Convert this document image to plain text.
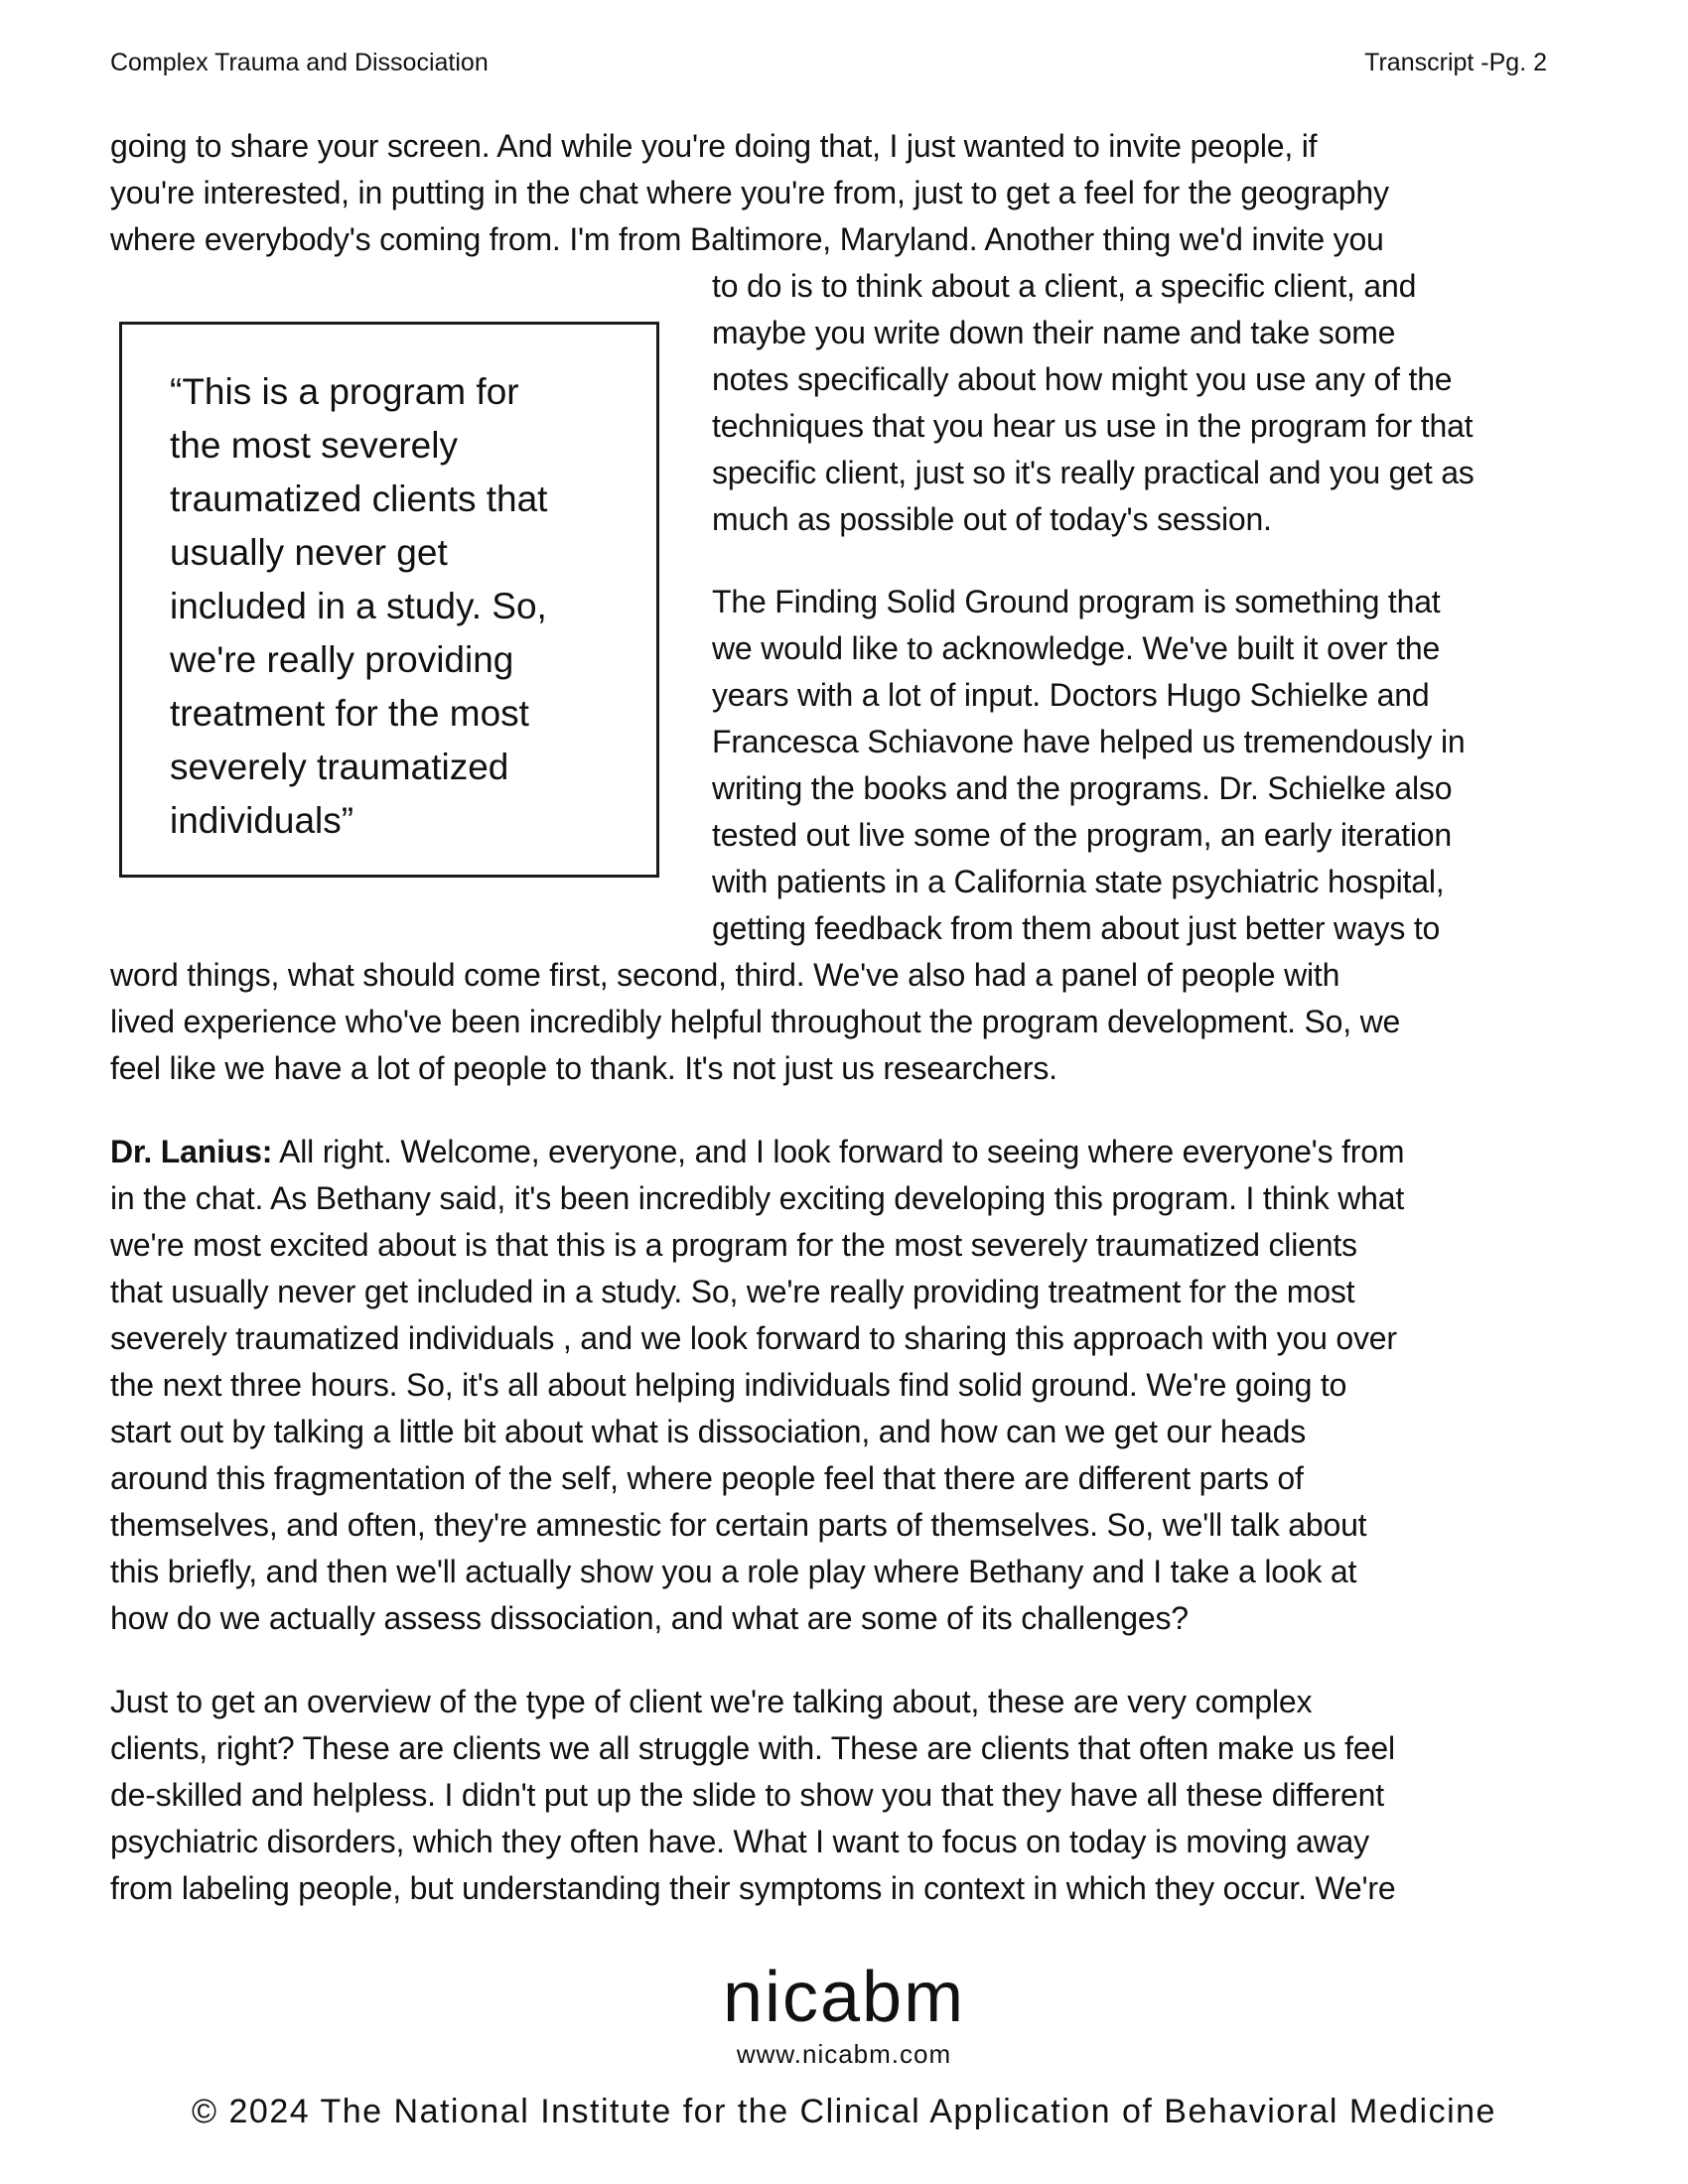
Complex Trauma and Dissociation	Transcript -Pg. 2
going to share your screen. And while you're doing that, I just wanted to invite people, if
you're interested, in putting in the chat where you're from, just to get a feel for the geography
where everybody's coming from. I'm from Baltimore, Maryland. Another thing we'd invite you
to do is to think about a client, a specific client, and
maybe you write down their name and take some
notes specifically about how might you use any of the
techniques that you hear us use in the program for that
specific client, just so it's really practical and you get as
much as possible out of today's session.
“This is a program for
the most severely
traumatized clients that
usually never get
included in a study. So,
we're really providing
treatment for the most
severely traumatized
individuals”
The Finding Solid Ground program is something that
we would like to acknowledge. We've built it over the
years with a lot of input. Doctors Hugo Schielke and
Francesca Schiavone have helped us tremendously in
writing the books and the programs. Dr. Schielke also
tested out live some of the program, an early iteration
with patients in a California state psychiatric hospital,
getting feedback from them about just better ways to
word things, what should come first, second, third. We've also had a panel of people with
lived experience who've been incredibly helpful throughout the program development. So, we
feel like we have a lot of people to thank. It's not just us researchers.
Dr. Lanius: All right. Welcome, everyone, and I look forward to seeing where everyone's from
in the chat. As Bethany said, it's been incredibly exciting developing this program. I think what
we're most excited about is that this is a program for the most severely traumatized clients
that usually never get included in a study. So, we're really providing treatment for the most
severely traumatized individuals , and we look forward to sharing this approach with you over
the next three hours. So, it's all about helping individuals find solid ground. We're going to
start out by talking a little bit about what is dissociation, and how can we get our heads
around this fragmentation of the self, where people feel that there are different parts of
themselves, and often, they're amnestic for certain parts of themselves. So, we'll talk about
this briefly, and then we'll actually show you a role play where Bethany and I take a look at
how do we actually assess dissociation, and what are some of its challenges?
Just to get an overview of the type of client we're talking about, these are very complex
clients, right? These are clients we all struggle with. These are clients that often make us feel
de-skilled and helpless. I didn't put up the slide to show you that they have all these different
psychiatric disorders, which they often have. What I want to focus on today is moving away
from labeling people, but understanding their symptoms in context in which they occur. We're
nicabm
www.nicabm.com
© 2024 The National Institute for the Clinical Application of Behavioral Medicine
